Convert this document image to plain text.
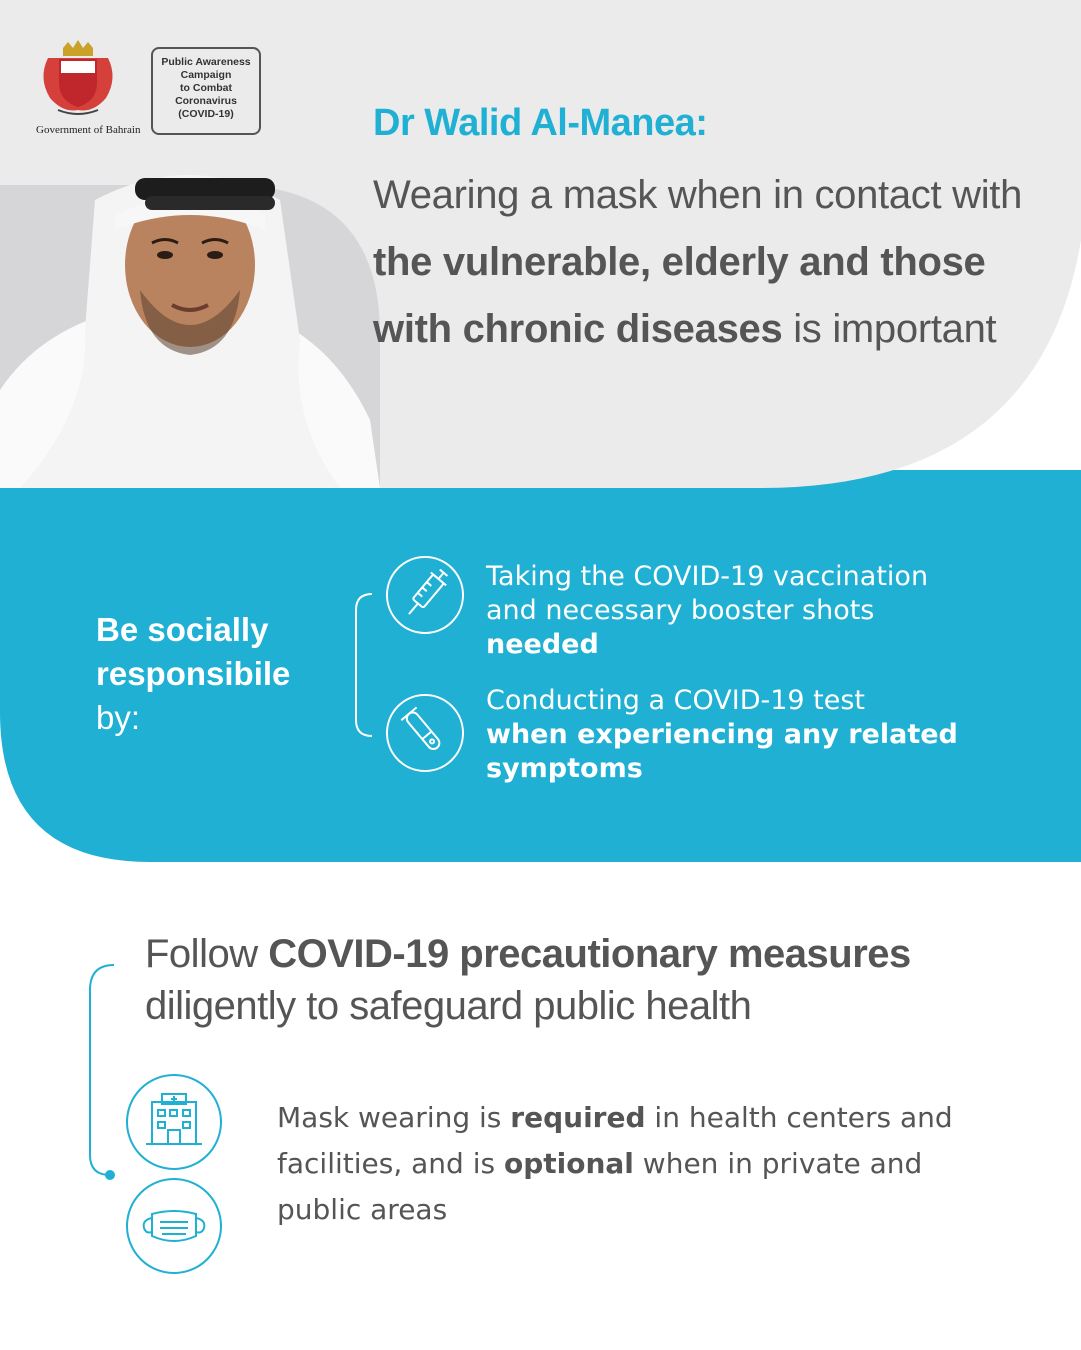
Government of Bahrain
Public Awareness
Campaign
to Combat
Coronavirus
(COVID-19)	Dr Walid Al-Manea:
Wearing a mask when in contact with the vulnerable, elderly and those with chronic diseases is important
Be socially
responsibile
by:
Taking the COVID-19 vaccination and necessary booster shots
needed
Conducting a COVID-19 test
when experiencing any related symptoms
Follow COVID-19 precautionary measures
diligently to safeguard public health
Mask wearing is required in health centers and facilities, and is optional when in private and public areas
